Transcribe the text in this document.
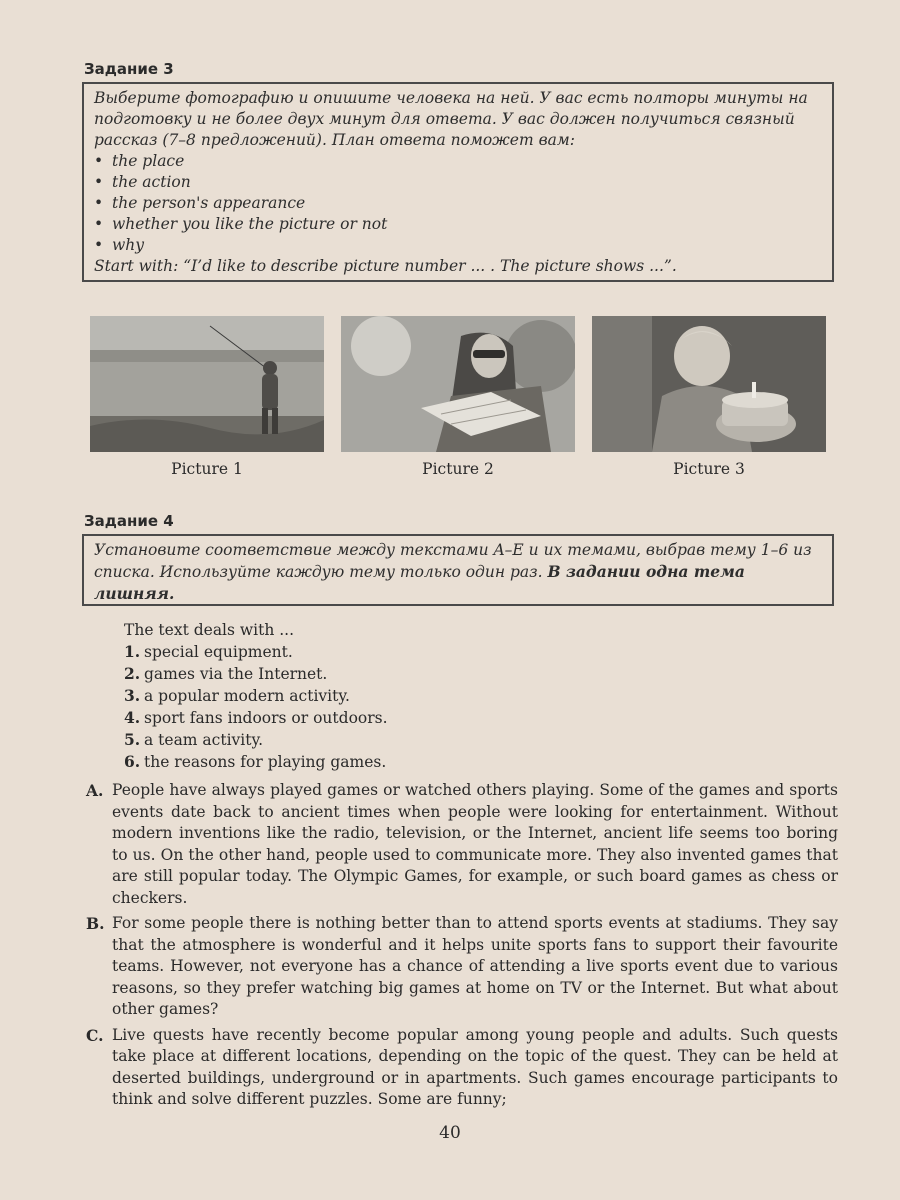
Задание 3

Выберите фотографию и опишите человека на ней. У вас есть полторы минуты на подготовку и не более двух минут для ответа. У вас должен получиться связный рассказ (7–8 предложений). План ответа поможет вам:

• the place
• the action
• the person's appearance
• whether you like the picture or not
• why

Start with: “I’d like to describe picture number ... . The picture shows ...”.

Picture 1	Picture 2	Picture 3
Задание 4
Установите соответствие между текстами A–E и их темами, выбрав тему 1–6 из списка. Используйте каждую тему только один раз. В задании одна тема лишняя.
The text deals with ...
1. special equipment.
2. games via the Internet.
3. a popular modern activity.
4. sport fans indoors or outdoors.
5. a team activity.
6. the reasons for playing games.
A. People have always played games or watched others playing. Some of the games and sports events date back to ancient times when people were looking for entertainment. Without modern inventions like the radio, television, or the Internet, ancient life seems too boring to us. On the other hand, people used to communicate more. They also invented games that are still popular today. The Olympic Games, for example, or such board games as chess or checkers.
B. For some people there is nothing better than to attend sports events at stadiums. They say that the atmosphere is wonderful and it helps unite sports fans to support their favourite teams. However, not everyone has a chance of attending a live sports event due to various reasons, so they prefer watching big games at home on TV or the Internet. But what about other games?
C. Live quests have recently become popular among young people and adults. Such quests take place at different locations, depending on the topic of the quest. They can be held at deserted buildings, underground or in apartments. Such games encourage participants to think and solve different puzzles. Some are funny;
40
